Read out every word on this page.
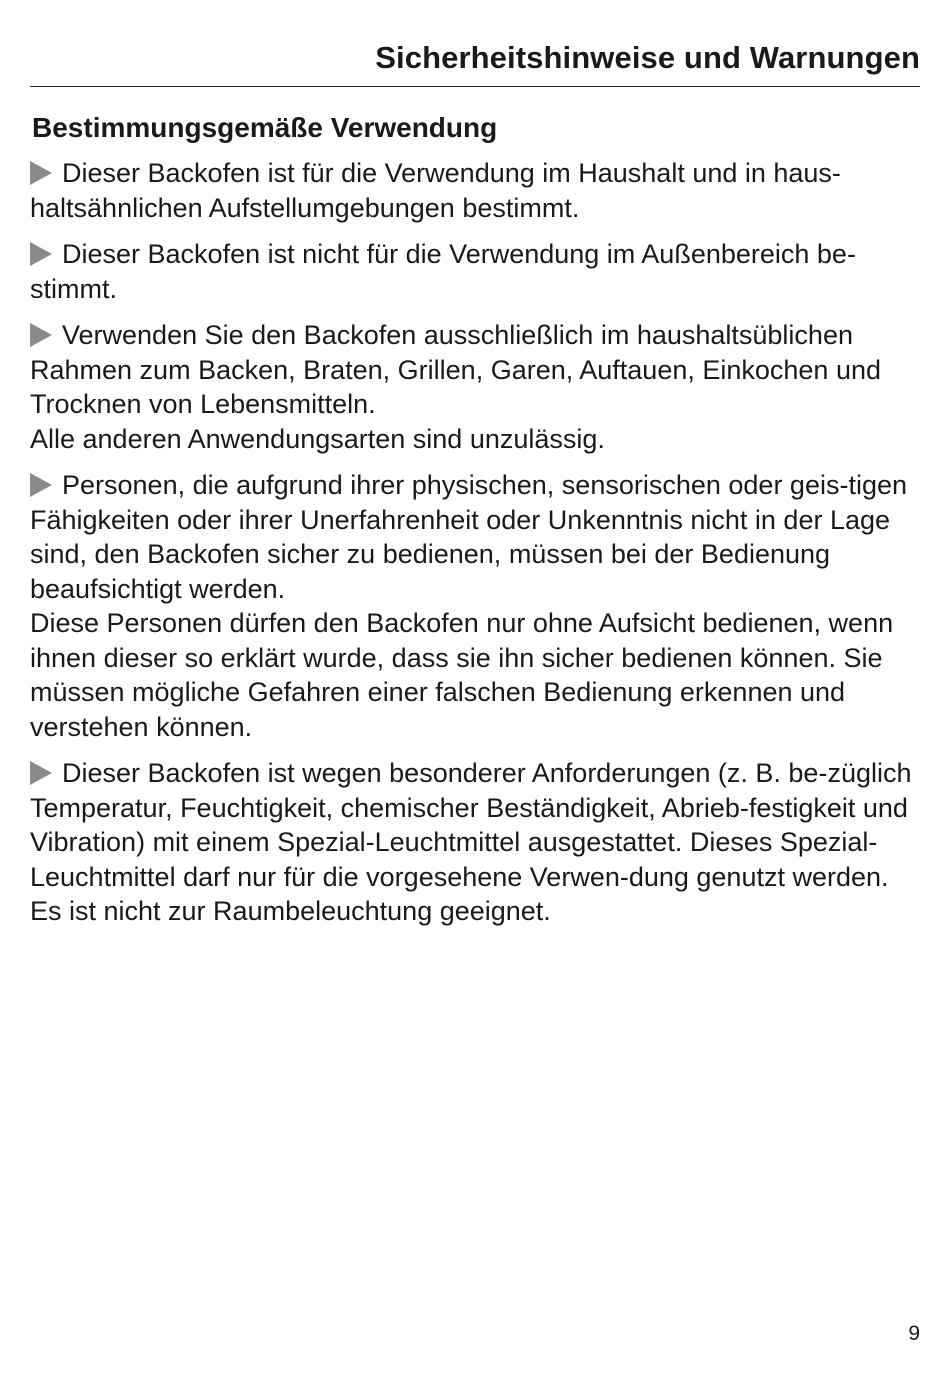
Sicherheitshinweise und Warnungen
Bestimmungsgemäße Verwendung

Dieser Backofen ist für die Verwendung im Haushalt und in haus-haltsähnlichen Aufstellumgebungen bestimmt.

Dieser Backofen ist nicht für die Verwendung im Außenbereich be-stimmt.

Verwenden Sie den Backofen ausschließlich im haushaltsüblichen Rahmen zum Backen, Braten, Grillen, Garen, Auftauen, Einkochen und Trocknen von Lebensmitteln.

Alle anderen Anwendungsarten sind unzulässig.

Personen, die aufgrund ihrer physischen, sensorischen oder geis-tigen Fähigkeiten oder ihrer Unerfahrenheit oder Unkenntnis nicht in der Lage sind, den Backofen sicher zu bedienen, müssen bei der Bedienung beaufsichtigt werden.

Diese Personen dürfen den Backofen nur ohne Aufsicht bedienen, wenn ihnen dieser so erklärt wurde, dass sie ihn sicher bedienen können. Sie müssen mögliche Gefahren einer falschen Bedienung erkennen und verstehen können.

Dieser Backofen ist wegen besonderer Anforderungen (z. B. be-züglich Temperatur, Feuchtigkeit, chemischer Beständigkeit, Abrieb-festigkeit und Vibration) mit einem Spezial-Leuchtmittel ausgestattet. Dieses Spezial-Leuchtmittel darf nur für die vorgesehene Verwen-dung genutzt werden. Es ist nicht zur Raumbeleuchtung geeignet.

9
